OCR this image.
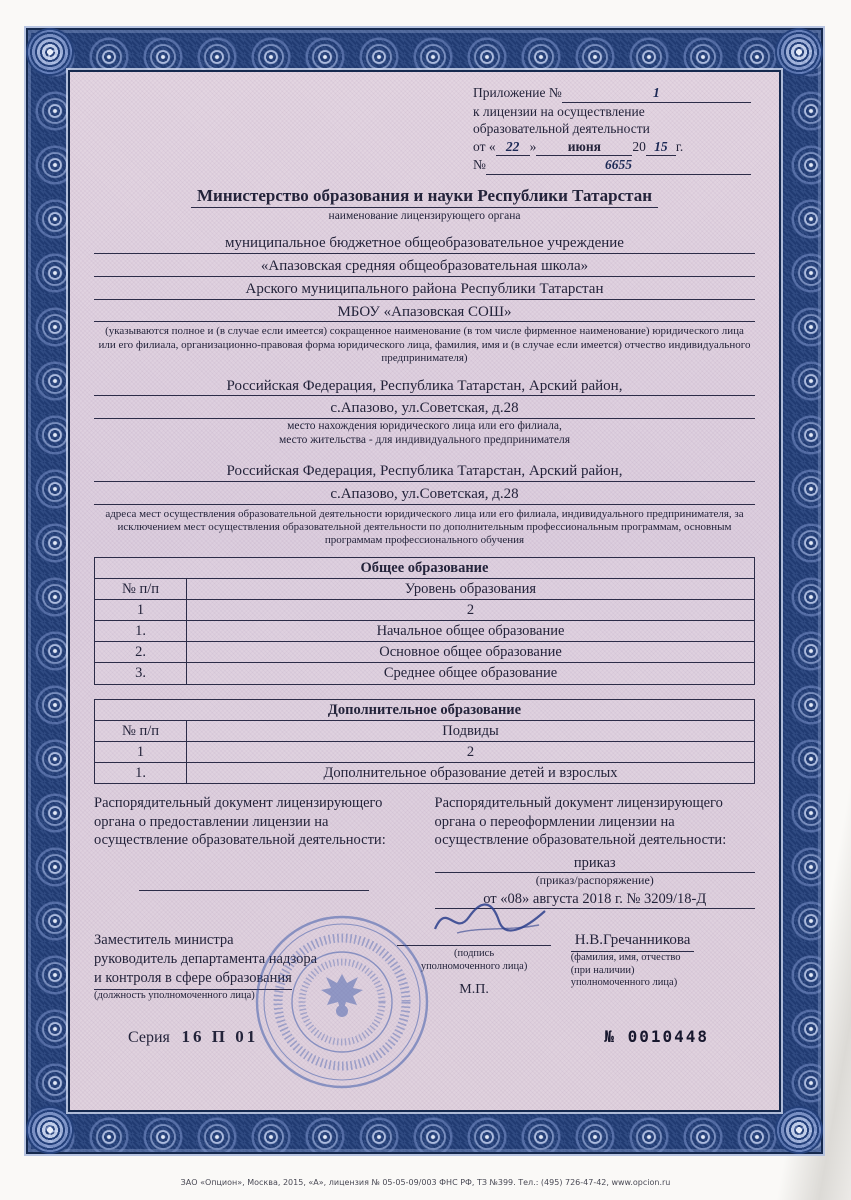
Приложение №	1
к лицензии на осуществление
образовательной деятельности
от « 22 »	июня	20 15 г.
№	6655
Министерство образования и науки Республики Татарстан
наименование лицензирующего органа
муниципальное бюджетное общеобразовательное учреждение
«Апазовская средняя общеобразовательная школа»
Арского муниципального района Республики Татарстан
МБОУ «Апазовская СОШ»
(указываются полное и (в случае если имеется) сокращенное наименование (в том числе фирменное наименование) юридического лица или его филиала, организационно-правовая форма юридического лица, фамилия, имя и (в случае если имеется) отчество индивидуального предпринимателя)
Российская Федерация, Республика Татарстан, Арский район,
с.Апазово, ул.Советская, д.28
место нахождения юридического лица или его филиала,
место жительства - для индивидуального предпринимателя
Российская Федерация, Республика Татарстан, Арский район,
с.Апазово, ул.Советская, д.28
адреса мест осуществления образовательной деятельности юридического лица или его филиала, индивидуального предпринимателя, за исключением мест осуществления образовательной деятельности по дополнительным профессиональным программам, основным программам профессионального обучения
Общее образование	
№ п/п	Уровень образования
1	2
1.	Начальное общее образование
2.	Основное общее образование
3.	Среднее общее образование
Дополнительное образование	
№ п/п	Подвиды
1	2
1.	Дополнительное образование детей и взрослых
Распорядительный документ лицензирующего органа о предоставлении лицензии на осуществление образовательной деятельности:
Распорядительный документ лицензирующего органа о переоформлении лицензии на осуществление образовательной деятельности:
приказ
(приказ/распоряжение)
от «08» августа 2018 г. № 3209/18-Д
Заместитель министра
руководитель департамента надзора
и контроля в сфере образования
(должность уполномоченного лица)
(подпись
уполномоченного лица)
М.П.
Н.В.Гречанникова
(фамилия, имя, отчество
(при наличии)
уполномоченного лица)
Серия 16 П 01	№ 0010448
ЗАО «Опцион», Москва, 2015, «А», лицензия № 05-05-09/003 ФНС РФ, ТЗ №399. Тел.: (495) 726-47-42, www.opcion.ru
